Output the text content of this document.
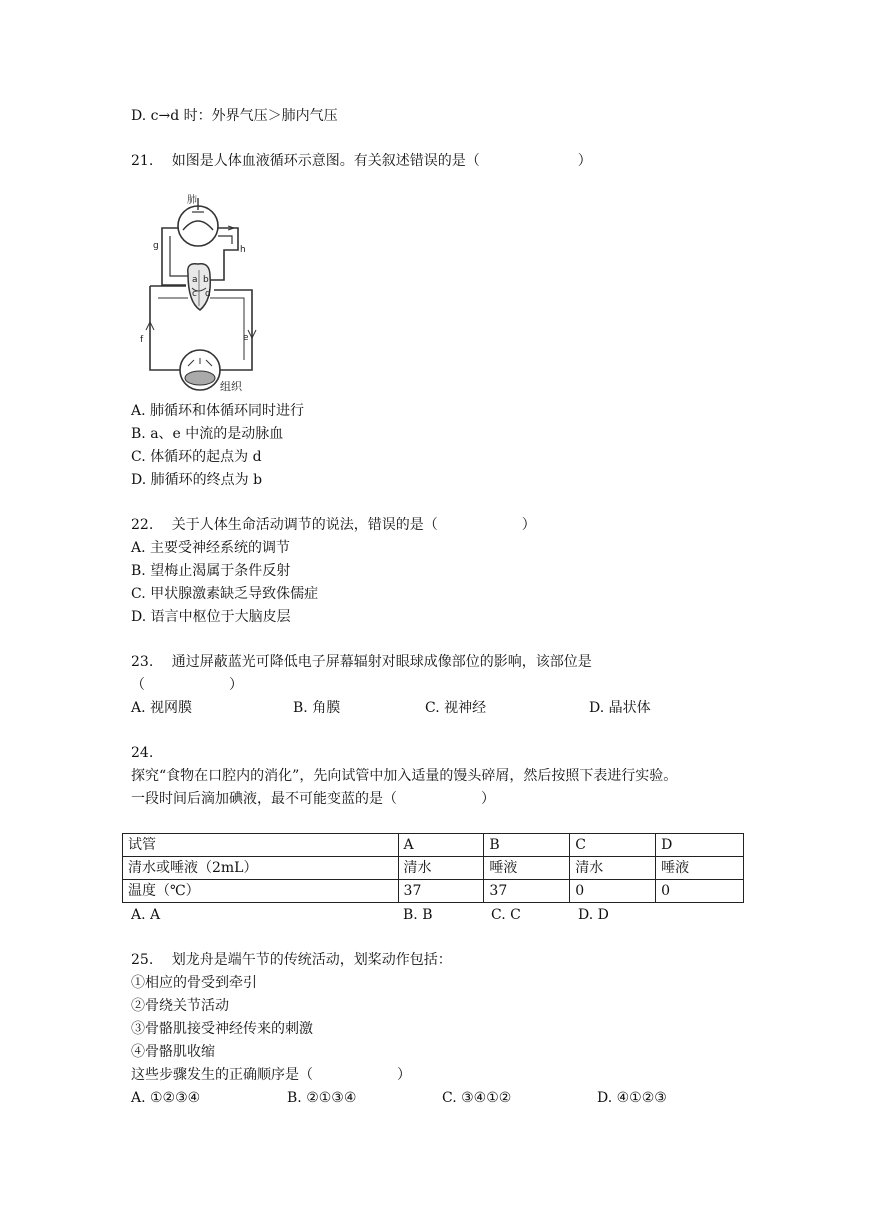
D. c→d 时：外界气压＞肺内气压
21.　 如图是人体血液循环示意图。有关叙述错误的是（　　　　　　　）
肺
组织
a b
c d
e
f
g	h
A. 肺循环和体循环同时进行
B. a、e 中流的是动脉血
C. 体循环的起点为 d
D. 肺循环的终点为 b
22.　 关于人体生命活动调节的说法，错误的是（　　　　　　）
A. 主要受神经系统的调节
B. 望梅止渴属于条件反射
C. 甲状腺激素缺乏导致侏儒症
D. 语言中枢位于大脑皮层
23.　 通过屏蔽蓝光可降低电子屏幕辐射对眼球成像部位的影响，该部位是
（　　　　　　）
A. 视网膜	B. 角膜	C. 视神经	D. 晶状体
24.
探究“食物在口腔内的消化”，先向试管中加入适量的馒头碎屑，然后按照下表进行实验。
一段时间后滴加碘液，最不可能变蓝的是（　　　　　　）
试管	A	B	C	D
清水或唾液（2mL）	清水	唾液	清水	唾液
温度（℃）	37	37	0	0
A. A	B. B	C. C	D. D
25.　 划龙舟是端午节的传统活动，划桨动作包括：
①相应的骨受到牵引
②骨绕关节活动
③骨骼肌接受神经传来的刺激
④骨骼肌收缩
这些步骤发生的正确顺序是（　　　　　　）
A. ①②③④	B. ②①③④	C. ③④①②	D. ④①②③
